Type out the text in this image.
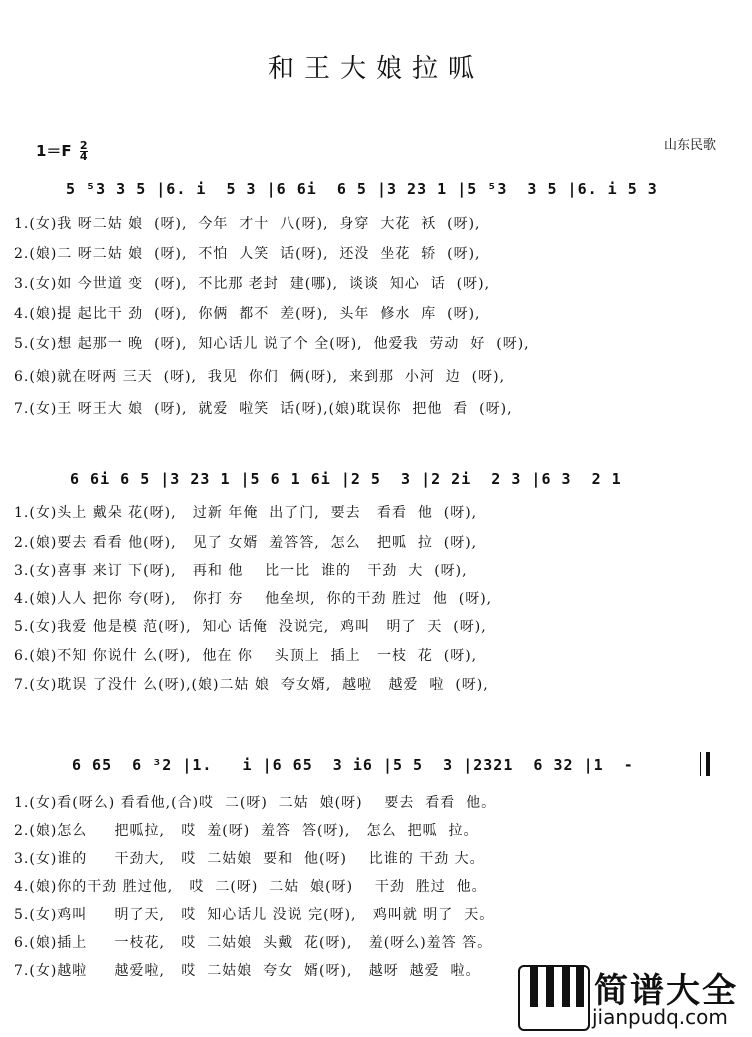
和王大娘拉呱
$1=F \frac{2}{4}$	山东民歌
5 ⁵3 3 5 |6. i  5 3 |6 6i  6 5 |3 23 1 |5 ⁵3  3 5 |6. i 5 3
1.(女)我 呀二姑 娘  (呀),  今年  才十  八(呀),  身穿  大花  袄  (呀),
2.(娘)二 呀二姑 娘  (呀),  不怕  人笑  话(呀),  还没  坐花  轿  (呀),
3.(女)如 今世道 变  (呀),  不比那 老封  建(哪),  谈谈  知心  话  (呀),
4.(娘)提 起比干 劲  (呀),  你俩  都不  差(呀),  头年  修水  库  (呀),
5.(女)想 起那一 晚  (呀),  知心话儿 说了个 全(呀),  他爱我  劳动  好  (呀),
6.(娘)就在呀两 三天  (呀),  我见  你们  俩(呀),  来到那  小河  边  (呀),
7.(女)王 呀王大 娘  (呀),  就爱  啦笑  话(呀),(娘)耽误你  把他  看  (呀),
6 6i 6 5 |3 23 1 |5 6 1 6i |2 5  3 |2 2i  2 3 |6 3  2 1
1.(女)头上 戴朵 花(呀),   过新 年俺  出了门,  要去   看看  他  (呀),
2.(娘)要去 看看 他(呀),   见了 女婿  羞答答,  怎么   把呱  拉  (呀),
3.(女)喜事 来订 下(呀),   再和 他    比一比  谁的   干劲  大  (呀),
4.(娘)人人 把你 夸(呀),   你打 夯    他垒坝,  你的干劲 胜过  他  (呀),
5.(女)我爱 他是模 范(呀),  知心 话俺  没说完,  鸡叫   明了  天  (呀),
6.(娘)不知 你说什 么(呀),  他在 你    头顶上  插上   一枝  花  (呀),
7.(女)耽误 了没什 么(呀),(娘)二姑 娘  夸女婿,  越啦   越爱  啦  (呀),
6 65  6 ³2 |1.   i |6 65  3 i6 |5 5  3 |2321  6 32 |1  -
1.(女)看(呀么) 看看他,(合)哎  二(呀)  二姑  娘(呀)    要去  看看  他。
2.(娘)怎么     把呱拉,   哎  羞(呀)  羞答  答(呀),   怎么  把呱  拉。
3.(女)谁的     干劲大,   哎  二姑娘  要和  他(呀)    比谁的 干劲 大。
4.(娘)你的干劲 胜过他,   哎  二(呀)  二姑  娘(呀)    干劲  胜过  他。
5.(女)鸡叫     明了天,   哎  知心话儿 没说 完(呀),   鸡叫就 明了  天。
6.(娘)插上     一枝花,   哎  二姑娘  头戴  花(呀),   羞(呀么)羞答 答。
7.(女)越啦     越爱啦,   哎  二姑娘  夸女  婿(呀),   越呀  越爱  啦。	简谱大全
jianpudq.com
